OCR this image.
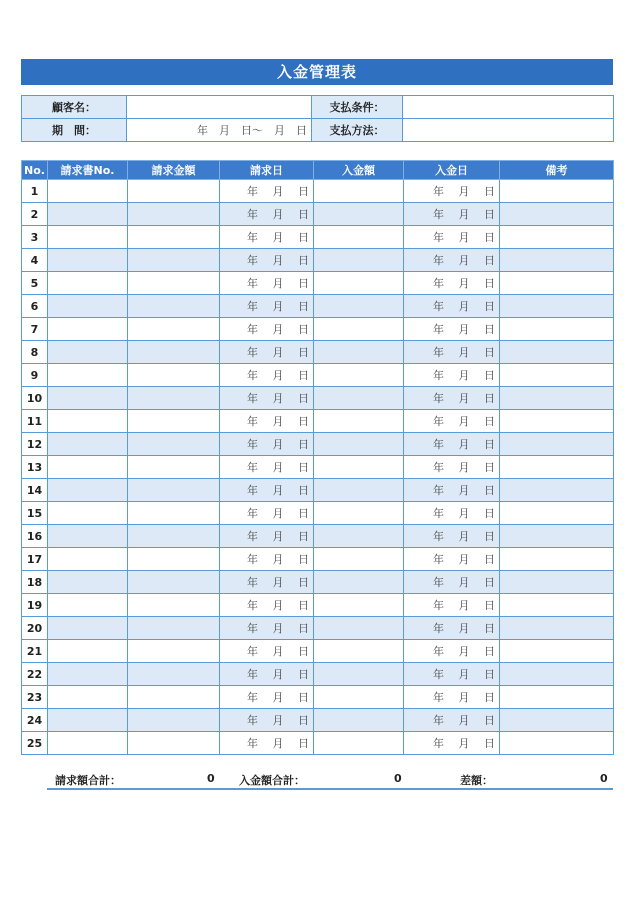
入金管理表
顧客名：		支払条件：	
期　間：	年　月　日～　月　日	支払方法：	
No.	請求書No.	請求金額	請求日	入金額	入金日	備考
1			年　 月　 日		年　 月　 日	
2			年　 月　 日		年　 月　 日	
3			年　 月　 日		年　 月　 日	
4			年　 月　 日		年　 月　 日	
5			年　 月　 日		年　 月　 日	
6			年　 月　 日		年　 月　 日	
7			年　 月　 日		年　 月　 日	
8			年　 月　 日		年　 月　 日	
9			年　 月　 日		年　 月　 日	
10			年　 月　 日		年　 月　 日	
11			年　 月　 日		年　 月　 日	
12			年　 月　 日		年　 月　 日	
13			年　 月　 日		年　 月　 日	
14			年　 月　 日		年　 月　 日	
15			年　 月　 日		年　 月　 日	
16			年　 月　 日		年　 月　 日	
17			年　 月　 日		年　 月　 日	
18			年　 月　 日		年　 月　 日	
19			年　 月　 日		年　 月　 日	
20			年　 月　 日		年　 月　 日	
21			年　 月　 日		年　 月　 日	
22			年　 月　 日		年　 月　 日	
23			年　 月　 日		年　 月　 日	
24			年　 月　 日		年　 月　 日	
25			年　 月　 日		年　 月　 日	
請求額合計：	0 入金額合計：	0	差額：	0
